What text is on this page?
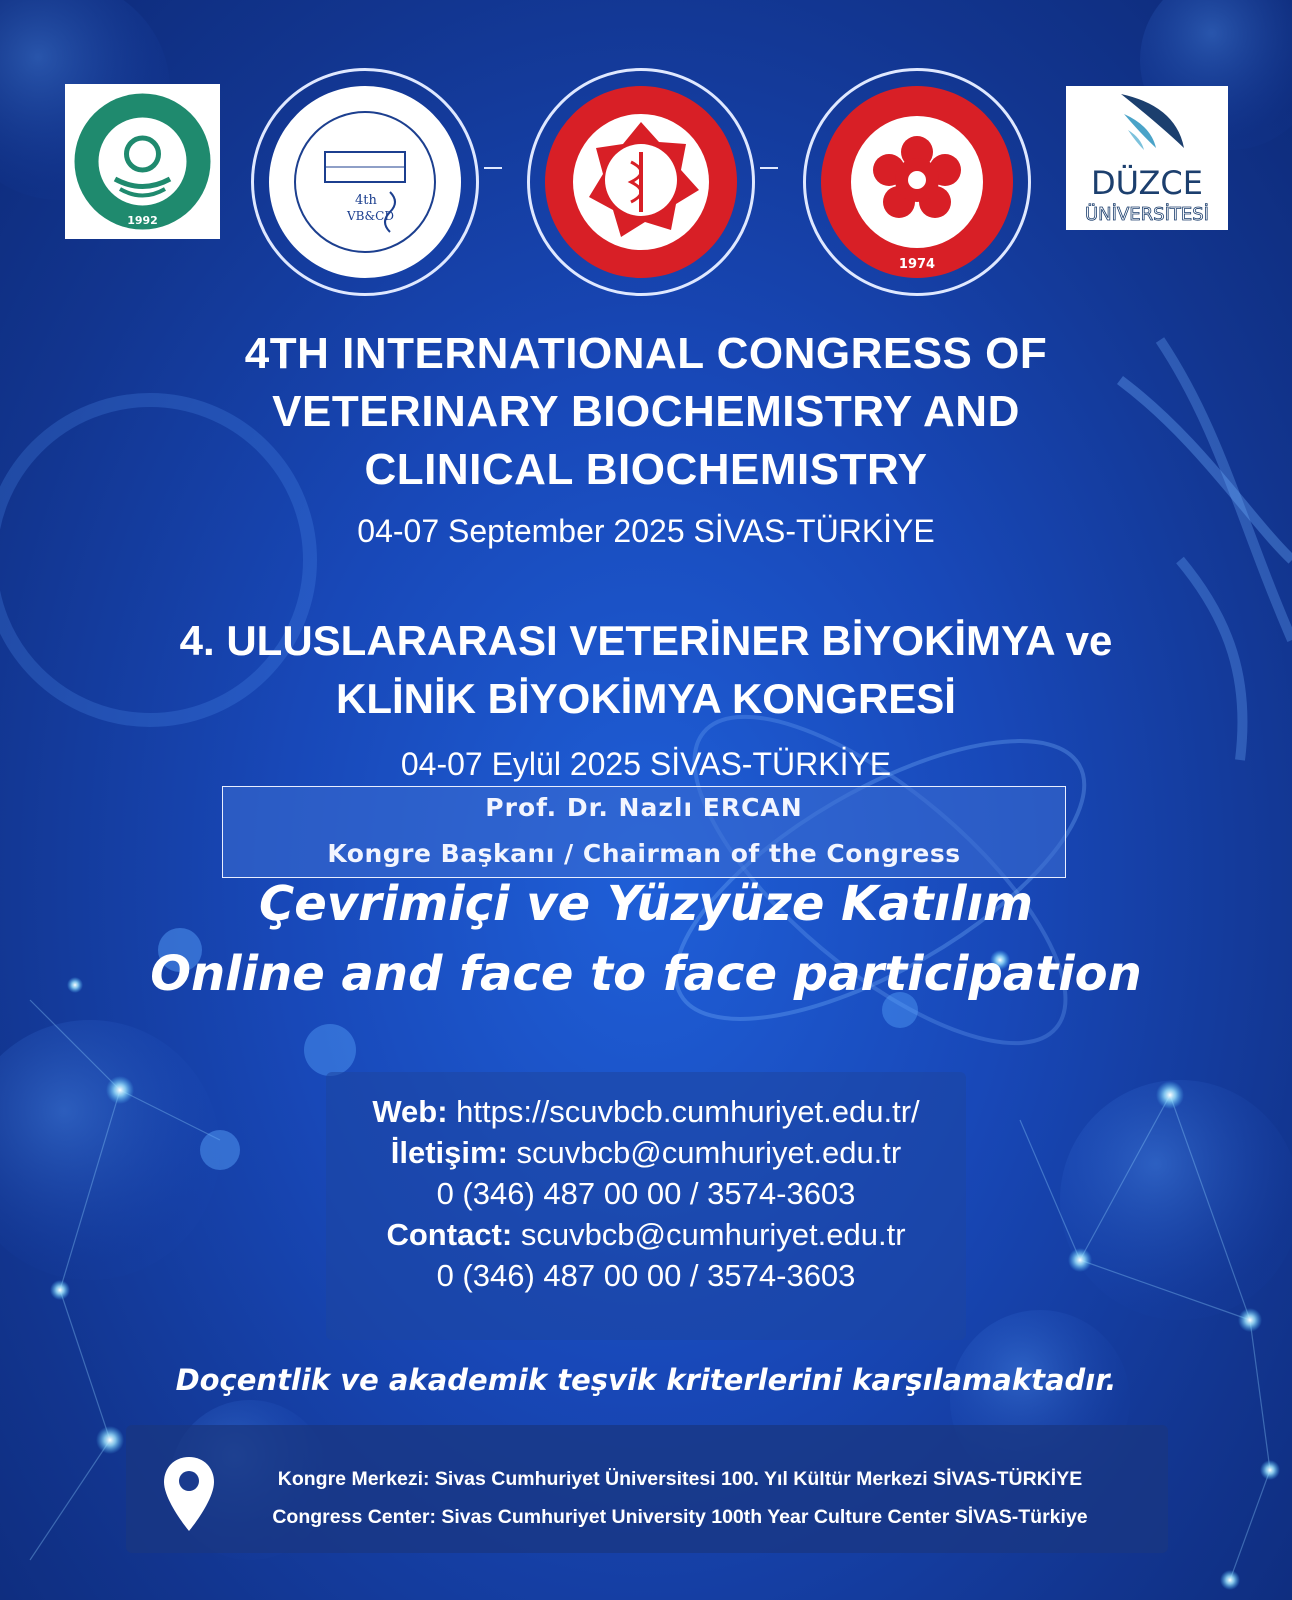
1992
4th
VB&CD
1974
DÜZCE
ÜNİVERSİTESİ
4TH INTERNATIONAL CONGRESS OF
VETERINARY BIOCHEMISTRY AND
CLINICAL BIOCHEMISTRY
04-07 September 2025 SİVAS-TÜRKİYE
4. ULUSLARARASI VETERİNER BİYOKİMYA ve
KLİNİK BİYOKİMYA KONGRESİ
04-07 Eylül 2025 SİVAS-TÜRKİYE
Prof. Dr. Nazlı ERCAN
Kongre Başkanı / Chairman of the Congress
Çevrimiçi ve Yüzyüze Katılım
Online and face to face participation
Web: https://scuvbcb.cumhuriyet.edu.tr/
İletişim: scuvbcb@cumhuriyet.edu.tr
0 (346) 487 00 00 / 3574-3603
Contact: scuvbcb@cumhuriyet.edu.tr
0 (346) 487 00 00 / 3574-3603
Doçentlik ve akademik teşvik kriterlerini karşılamaktadır.
Kongre Merkezi: Sivas Cumhuriyet Üniversitesi 100. Yıl Kültür Merkezi SİVAS-TÜRKİYE
Congress Center: Sivas Cumhuriyet University 100th Year Culture Center SİVAS-Türkiye
